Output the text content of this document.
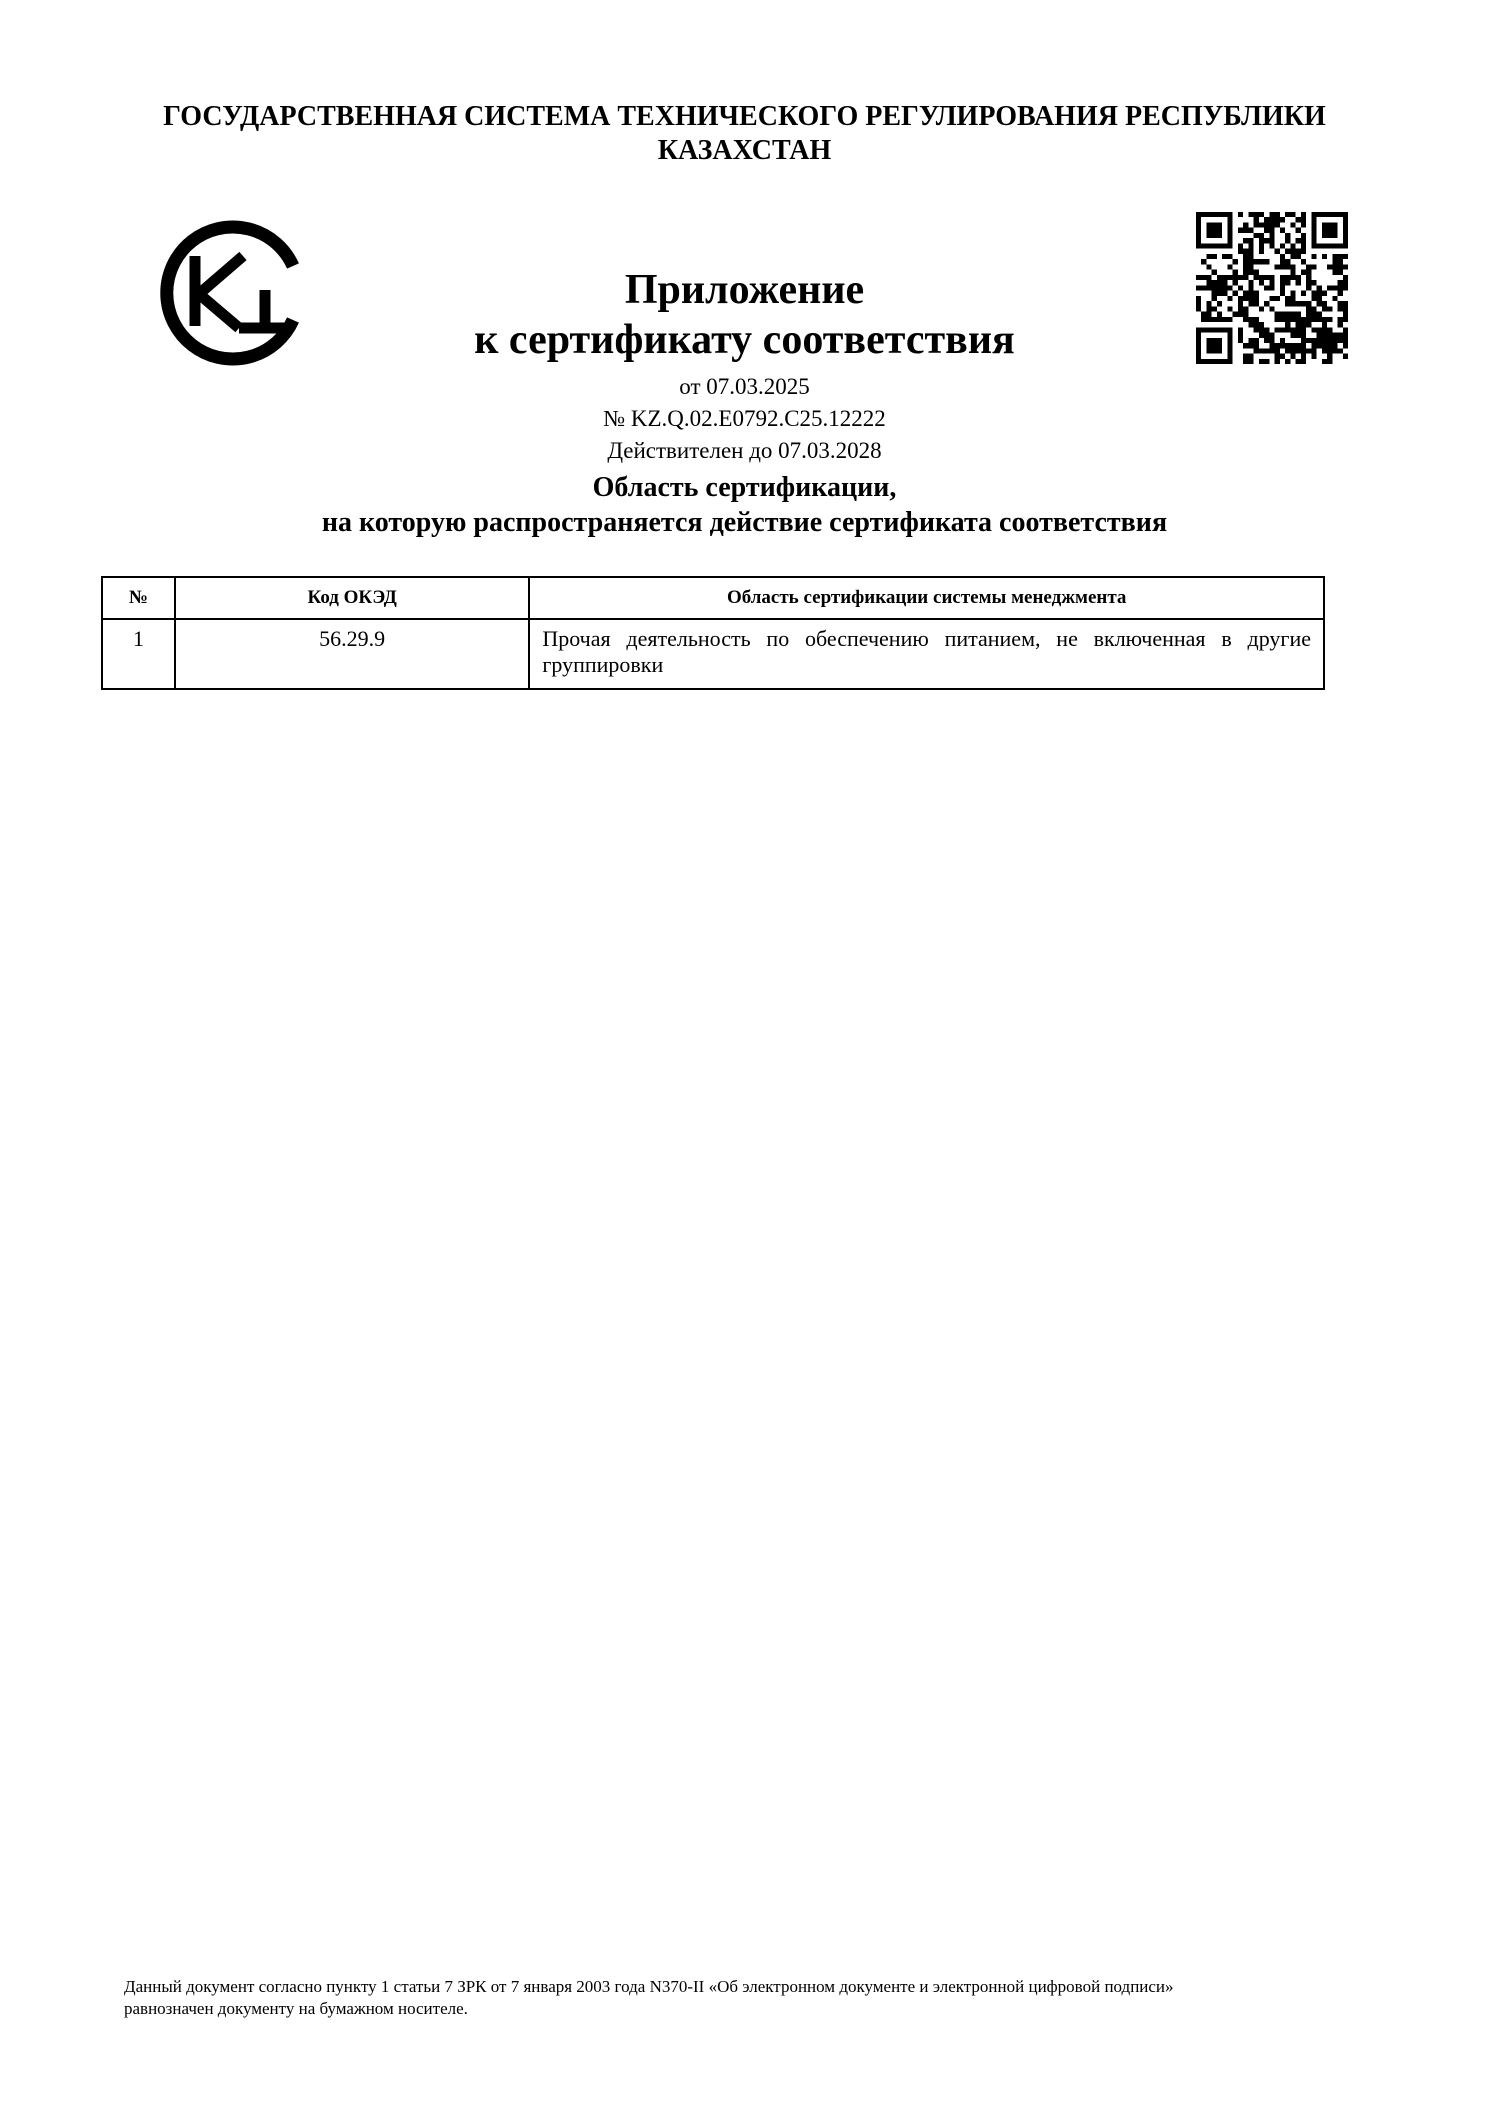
ГОСУДАРСТВЕННАЯ СИСТЕМА ТЕХНИЧЕСКОГО РЕГУЛИРОВАНИЯ РЕСПУБЛИКИ
КАЗАХСТАН
Приложение
к сертификату соответствия
от 07.03.2025
№ KZ.Q.02.E0792.C25.12222
Действителен до 07.03.2028
Область сертификации,
на которую распространяется действие сертификата соответствия
№	Код ОКЭД	Область сертификации системы менеджмента
1	56.29.9	Прочая деятельность по обеспечению питанием, не включенная в другие группировки
Данный документ согласно пункту 1 статьи 7 ЗРК от 7 января 2003 года N370-II «Об электронном документе и электронной цифровой подписи»
равнозначен документу на бумажном носителе.
